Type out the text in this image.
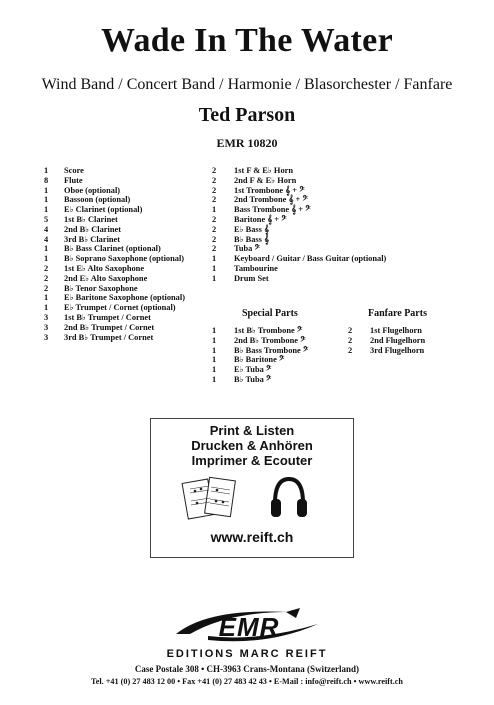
Wade In The Water
Wind Band / Concert Band / Harmonie / Blasorchester / Fanfare
Ted Parson
EMR 10820
1	Score
8	Flute
1	Oboe (optional)
1	Bassoon (optional)
1	E♭ Clarinet (optional)
5	1st B♭ Clarinet
4	2nd B♭ Clarinet
4	3rd B♭ Clarinet
1	B♭ Bass Clarinet (optional)
1	B♭ Soprano Saxophone (optional)
2	1st E♭ Alto Saxophone
2	2nd E♭ Alto Saxophone
2	B♭ Tenor Saxophone
1	E♭ Baritone Saxophone (optional)
1	E♭ Trumpet / Cornet (optional)
3	1st B♭ Trumpet / Cornet
3	2nd B♭ Trumpet / Cornet
3	3rd B♭ Trumpet / Cornet
2	1st F & E♭ Horn
2	2nd F & E♭ Horn
2	1st Trombone 𝄞 + 𝄢
2	2nd Trombone 𝄞 + 𝄢
1	Bass Trombone 𝄞 + 𝄢
2	Baritone 𝄞 + 𝄢
2	E♭ Bass 𝄞
2	B♭ Bass 𝄞
2	Tuba 𝄢
1	Keyboard / Guitar / Bass Guitar (optional)
1	Tambourine
1	Drum Set
Special Parts	Fanfare Parts
1	1st B♭ Trombone 𝄢
1	2nd B♭ Trombone 𝄢
1	B♭ Bass Trombone 𝄢
1	B♭ Baritone 𝄢
1	E♭ Tuba 𝄢
1	B♭ Tuba 𝄢
2	1st Flugelhorn
2	2nd Flugelhorn
2	3rd Flugelhorn
Print & Listen
Drucken & Anhören
Imprimer & Ecouter
www.reift.ch
EMR
EDITIONS MARC REIFT
Case Postale 308 • CH-3963 Crans-Montana (Switzerland)
Tel. +41 (0) 27 483 12 00 • Fax +41 (0) 27 483 42 43 • E-Mail : info@reift.ch • www.reift.ch
